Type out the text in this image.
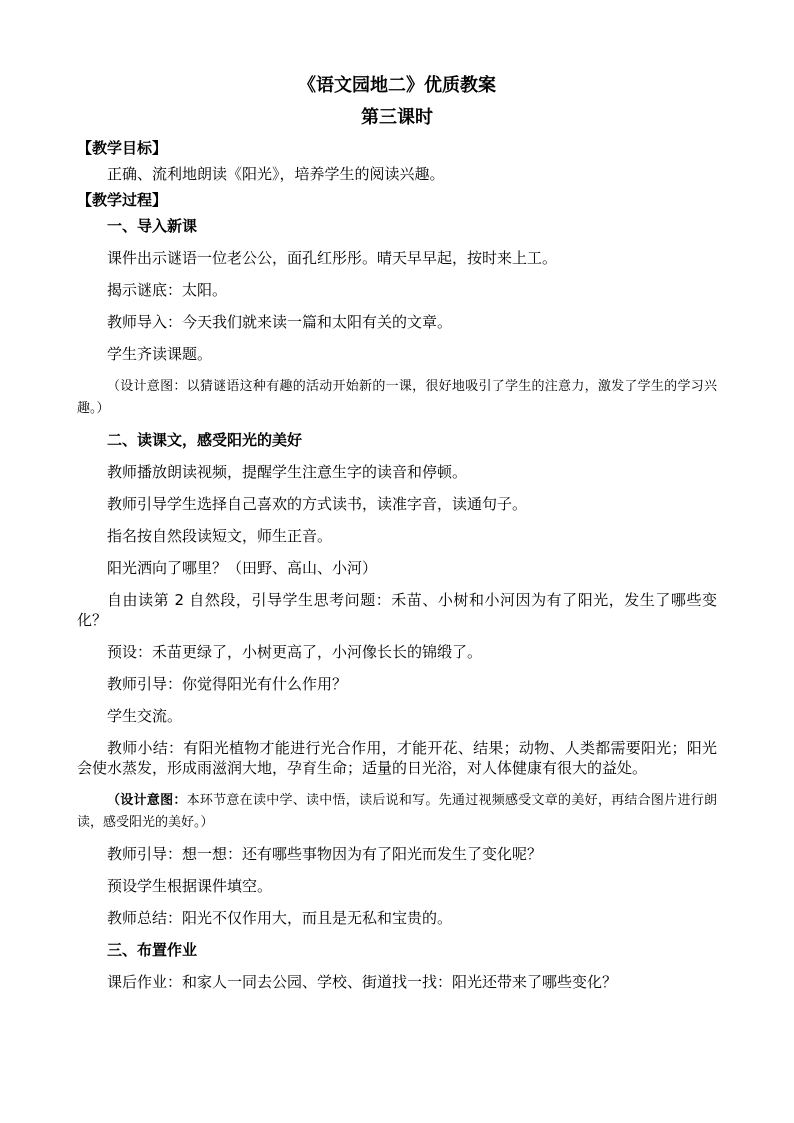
《语文园地二》优质教案

第三课时

【教学目标】

正确、流利地朗读《阳光》，培养学生的阅读兴趣。

【教学过程】

一、导入新课

课件出示谜语一位老公公，面孔红彤彤。晴天早早起，按时来上工。

揭示谜底：太阳。

教师导入：今天我们就来读一篇和太阳有关的文章。

学生齐读课题。

（设计意图：以猜谜语这种有趣的活动开始新的一课，很好地吸引了学生的注意力，激发了学生的学习兴趣。）

二、读课文，感受阳光的美好

教师播放朗读视频，提醒学生注意生字的读音和停顿。

教师引导学生选择自己喜欢的方式读书，读准字音，读通句子。

指名按自然段读短文，师生正音。

阳光洒向了哪里？（田野、高山、小河）

自由读第 2 自然段，引导学生思考问题：禾苗、小树和小河因为有了阳光，发生了哪些变化？

预设：禾苗更绿了，小树更高了，小河像长长的锦缎了。

教师引导：你觉得阳光有什么作用？

学生交流。

教师小结：有阳光植物才能进行光合作用，才能开花、结果；动物、人类都需要阳光；阳光会使水蒸发，形成雨滋润大地，孕育生命；适量的日光浴，对人体健康有很大的益处。

（设计意图：本环节意在读中学、读中悟，读后说和写。先通过视频感受文章的美好，再结合图片进行朗读，感受阳光的美好。）

教师引导：想一想：还有哪些事物因为有了阳光而发生了变化呢？

预设学生根据课件填空。

教师总结：阳光不仅作用大，而且是无私和宝贵的。

三、布置作业

课后作业：和家人一同去公园、学校、街道找一找：阳光还带来了哪些变化？
